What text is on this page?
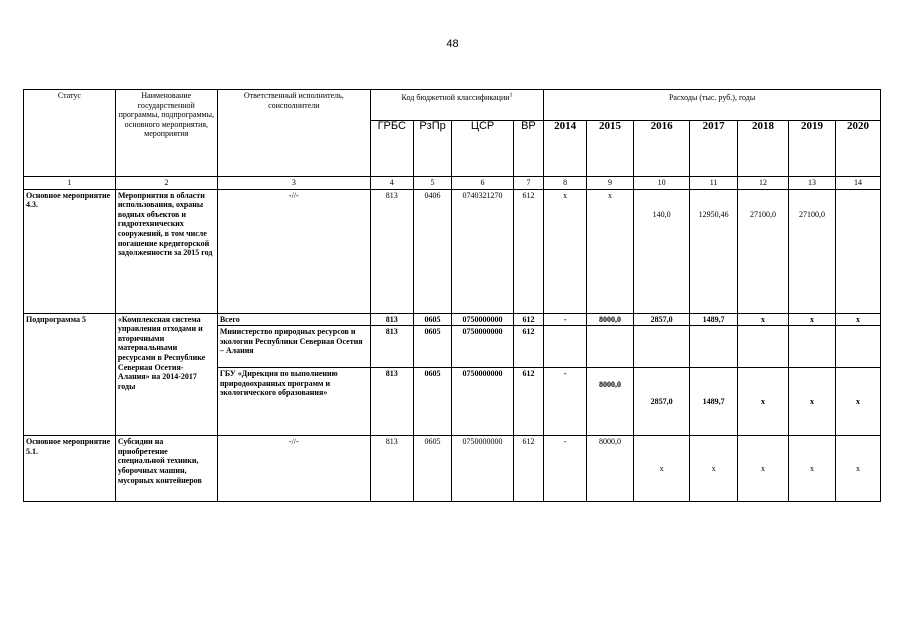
48
Статус	Наименование государственной программы, подпрограммы, основного мероприятия, мероприятия	Ответственный исполнитель, соисполнители	Код бюджетной классификации$^1$				Расходы (тыс. руб.), годы						
			ГРБС	РзПр	ЦСР	ВР	2014	2015	2016	2017	2018	2019	2020
1	2	3	4	5	6	7	8	9	10	11	12	13	14
Основное мероприятие 4.3.	Мероприятия в области использования, охраны водных объектов и гидротехнических сооружений, в том числе погашение кредиторской задолженности за 2015 год	-//-	813	0406	0740321270	612	х	х	140,0	12950,46	27100,0	27100,0	
Подпрограмма 5	«Комплексная система управления отходами и вторичными материальными ресурсами в Республике Северная Осетия-Алания» на 2014-2017 годы	Всего	813	0605	0750000000	612	-	8000,0	2857,0	1489,7	х	х	х
		Министерство природных ресурсов и экологии Республики Северная Осетия – Алания	813	0605	0750000000	612							
		ГБУ «Дирекция по выполнению природоохранных программ и экологического образования»	813	0605	0750000000	612	-	8000,0	2857,0	1489,7	х	х	х

Основное мероприятие 5.1.	Субсидии на приобретение специальной техники, уборочных машин, мусорных контейнеров	-//-	813	0605	0750000000	612	-	8000,0	х	х	х	х	х
